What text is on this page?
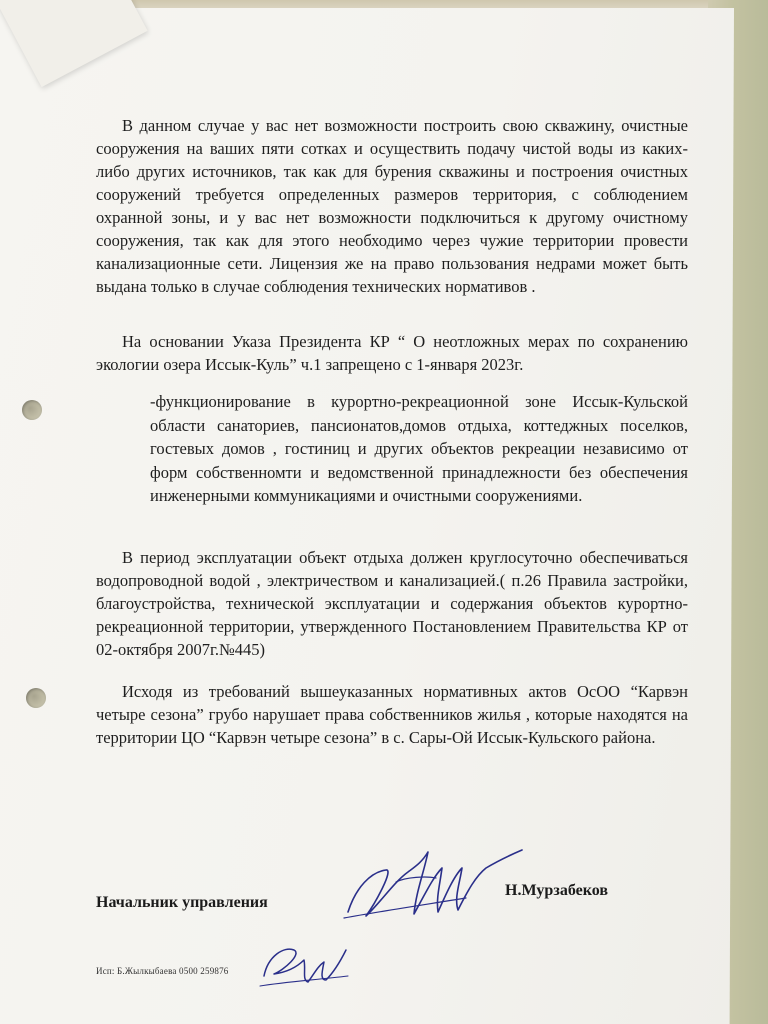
В данном случае у вас нет возможности построить свою скважину, очистные сооружения на ваших пяти сотках и осуществить подачу чистой воды из каких-либо других источников, так как для бурения скважины и построения очистных сооружений требуется определенных размеров территория, с соблюдением охранной зоны, и у вас нет возможности подключиться к другому очистному сооружения, так как для этого необходимо через чужие территории провести канализационные сети. Лицензия же на право пользования недрами может быть выдана только в случае соблюдения технических нормативов .

На основании Указа Президента КР “ О неотложных мерах по сохранению экологии озера Иссык-Куль” ч.1 запрещено с 1-января 2023г.

-функционирование в курортно-рекреационной зоне Иссык-Кульской области санаториев, пансионатов,домов отдыха, коттеджных поселков, гостевых домов , гостиниц и других объектов рекреации независимо от форм собственномти и ведомственной принадлежности без обеспечения инженерными коммуникациями и очистными сооружениями.

В период эксплуатации объект отдыха должен круглосуточно обеспечиваться водопроводной водой , электричеством и канализацией.( п.26 Правила застройки, благоустройства, технической эксплуатации и содержания объектов курортно-рекреационной территории, утвержденного Постановлением Правительства КР от 02-октября 2007г.№445)

Исходя из требований вышеуказанных нормативных актов ОсОО “Карвэн четыре сезона” грубо нарушает права собственников жилья , которые находятся на территории ЦО “Карвэн четыре сезона” в с. Сары-Ой Иссык-Кульского района.

Начальник управления
Н.Мурзабеков
Исп: Б.Жылкыбаева 0500 259876
